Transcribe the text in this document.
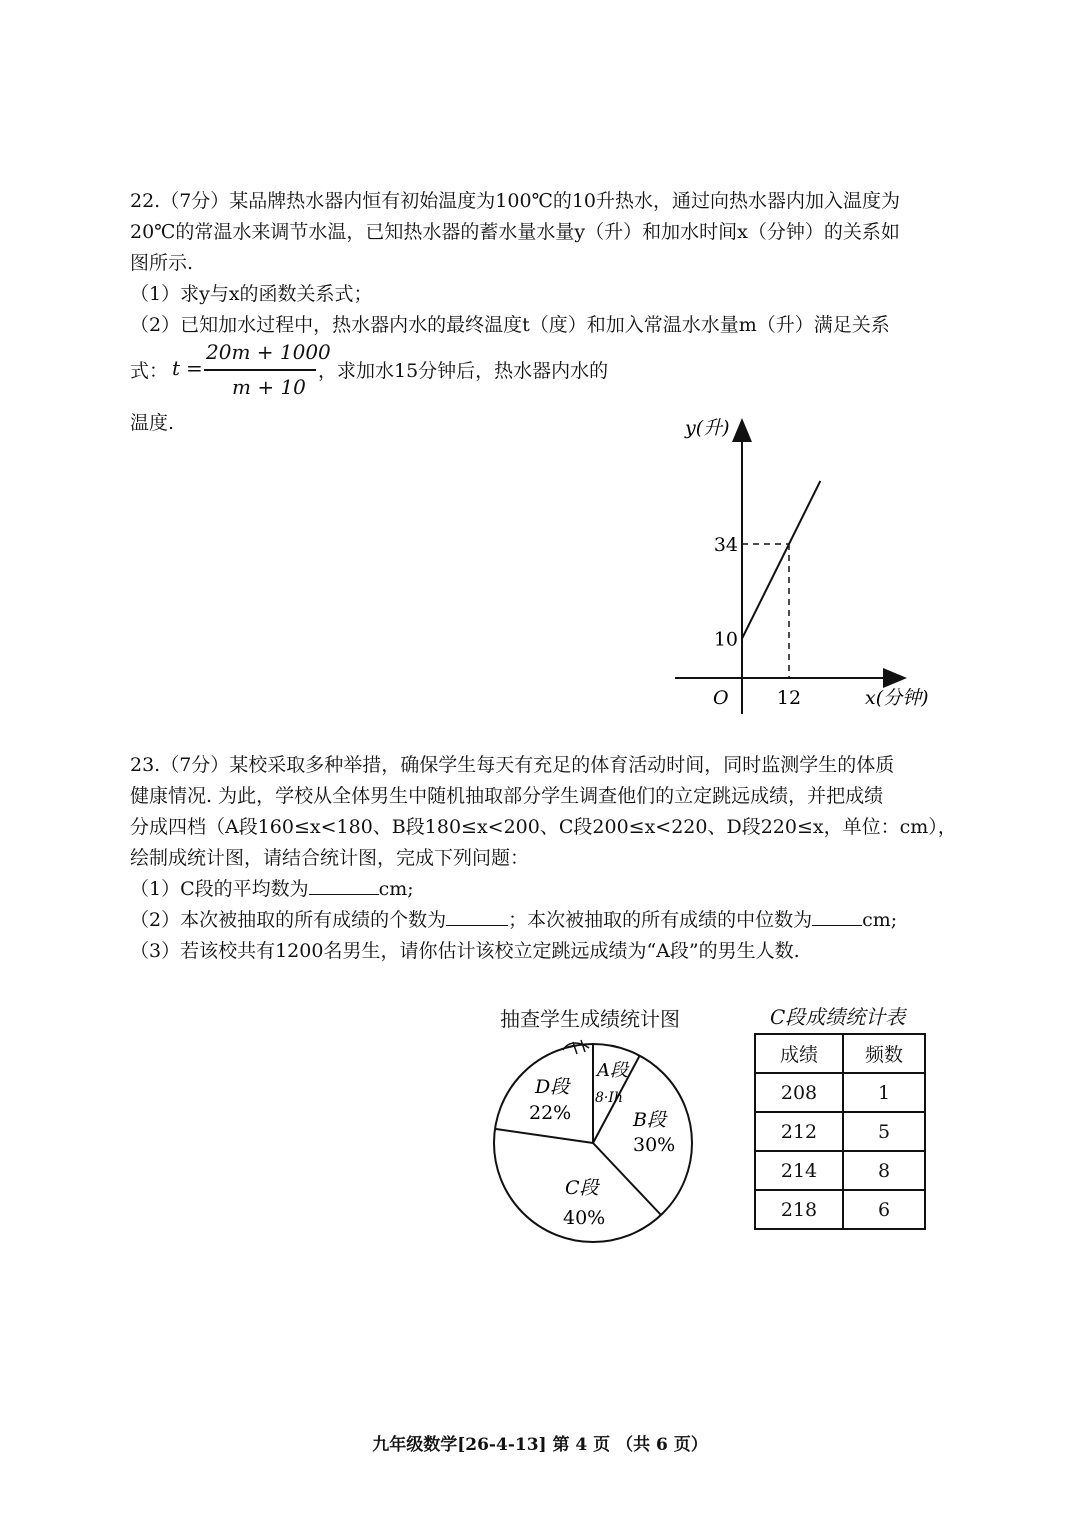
22.（7分）某品牌热水器内恒有初始温度为100℃的10升热水，通过向热水器内加入温度为
20℃的常温水来调节水温，已知热水器的蓄水量水量y（升）和加水时间x（分钟）的关系如
图所示.
（1）求y与x的函数关系式；
（2）已知加水过程中，热水器内水的最终温度t（度）和加入常温水水量m（升）满足关系
式： t =
20m + 1000
m + 10
，求加水15分钟后，热水器内水的
温度.	y(升)
x(分钟)
O
34
10
12
23.（7分）某校采取多种举措，确保学生每天有充足的体育活动时间，同时监测学生的体质
健康情况. 为此，学校从全体男生中随机抽取部分学生调查他们的立定跳远成绩，并把成绩
分成四档（A段160≤x<180、B段180≤x<200、C段200≤x<220、D段220≤x，单位：cm），
绘制成统计图，请结合统计图，完成下列问题：
（1）C段的平均数为	cm;
（2）本次被抽取的所有成绩的个数为	；本次被抽取的所有成绩的中位数为	cm;
（3）若该校共有1200名男生，请你估计该校立定跳远成绩为“A段”的男生人数.
抽查学生成绩统计图
A段
8·Ih
D段
22%	B段
30%
C段
40%
C段成绩统计表
成绩	频数
208	1
212	5
214	8
218	6
九年级数学[26-4-13] 第 4 页 （共 6 页）
